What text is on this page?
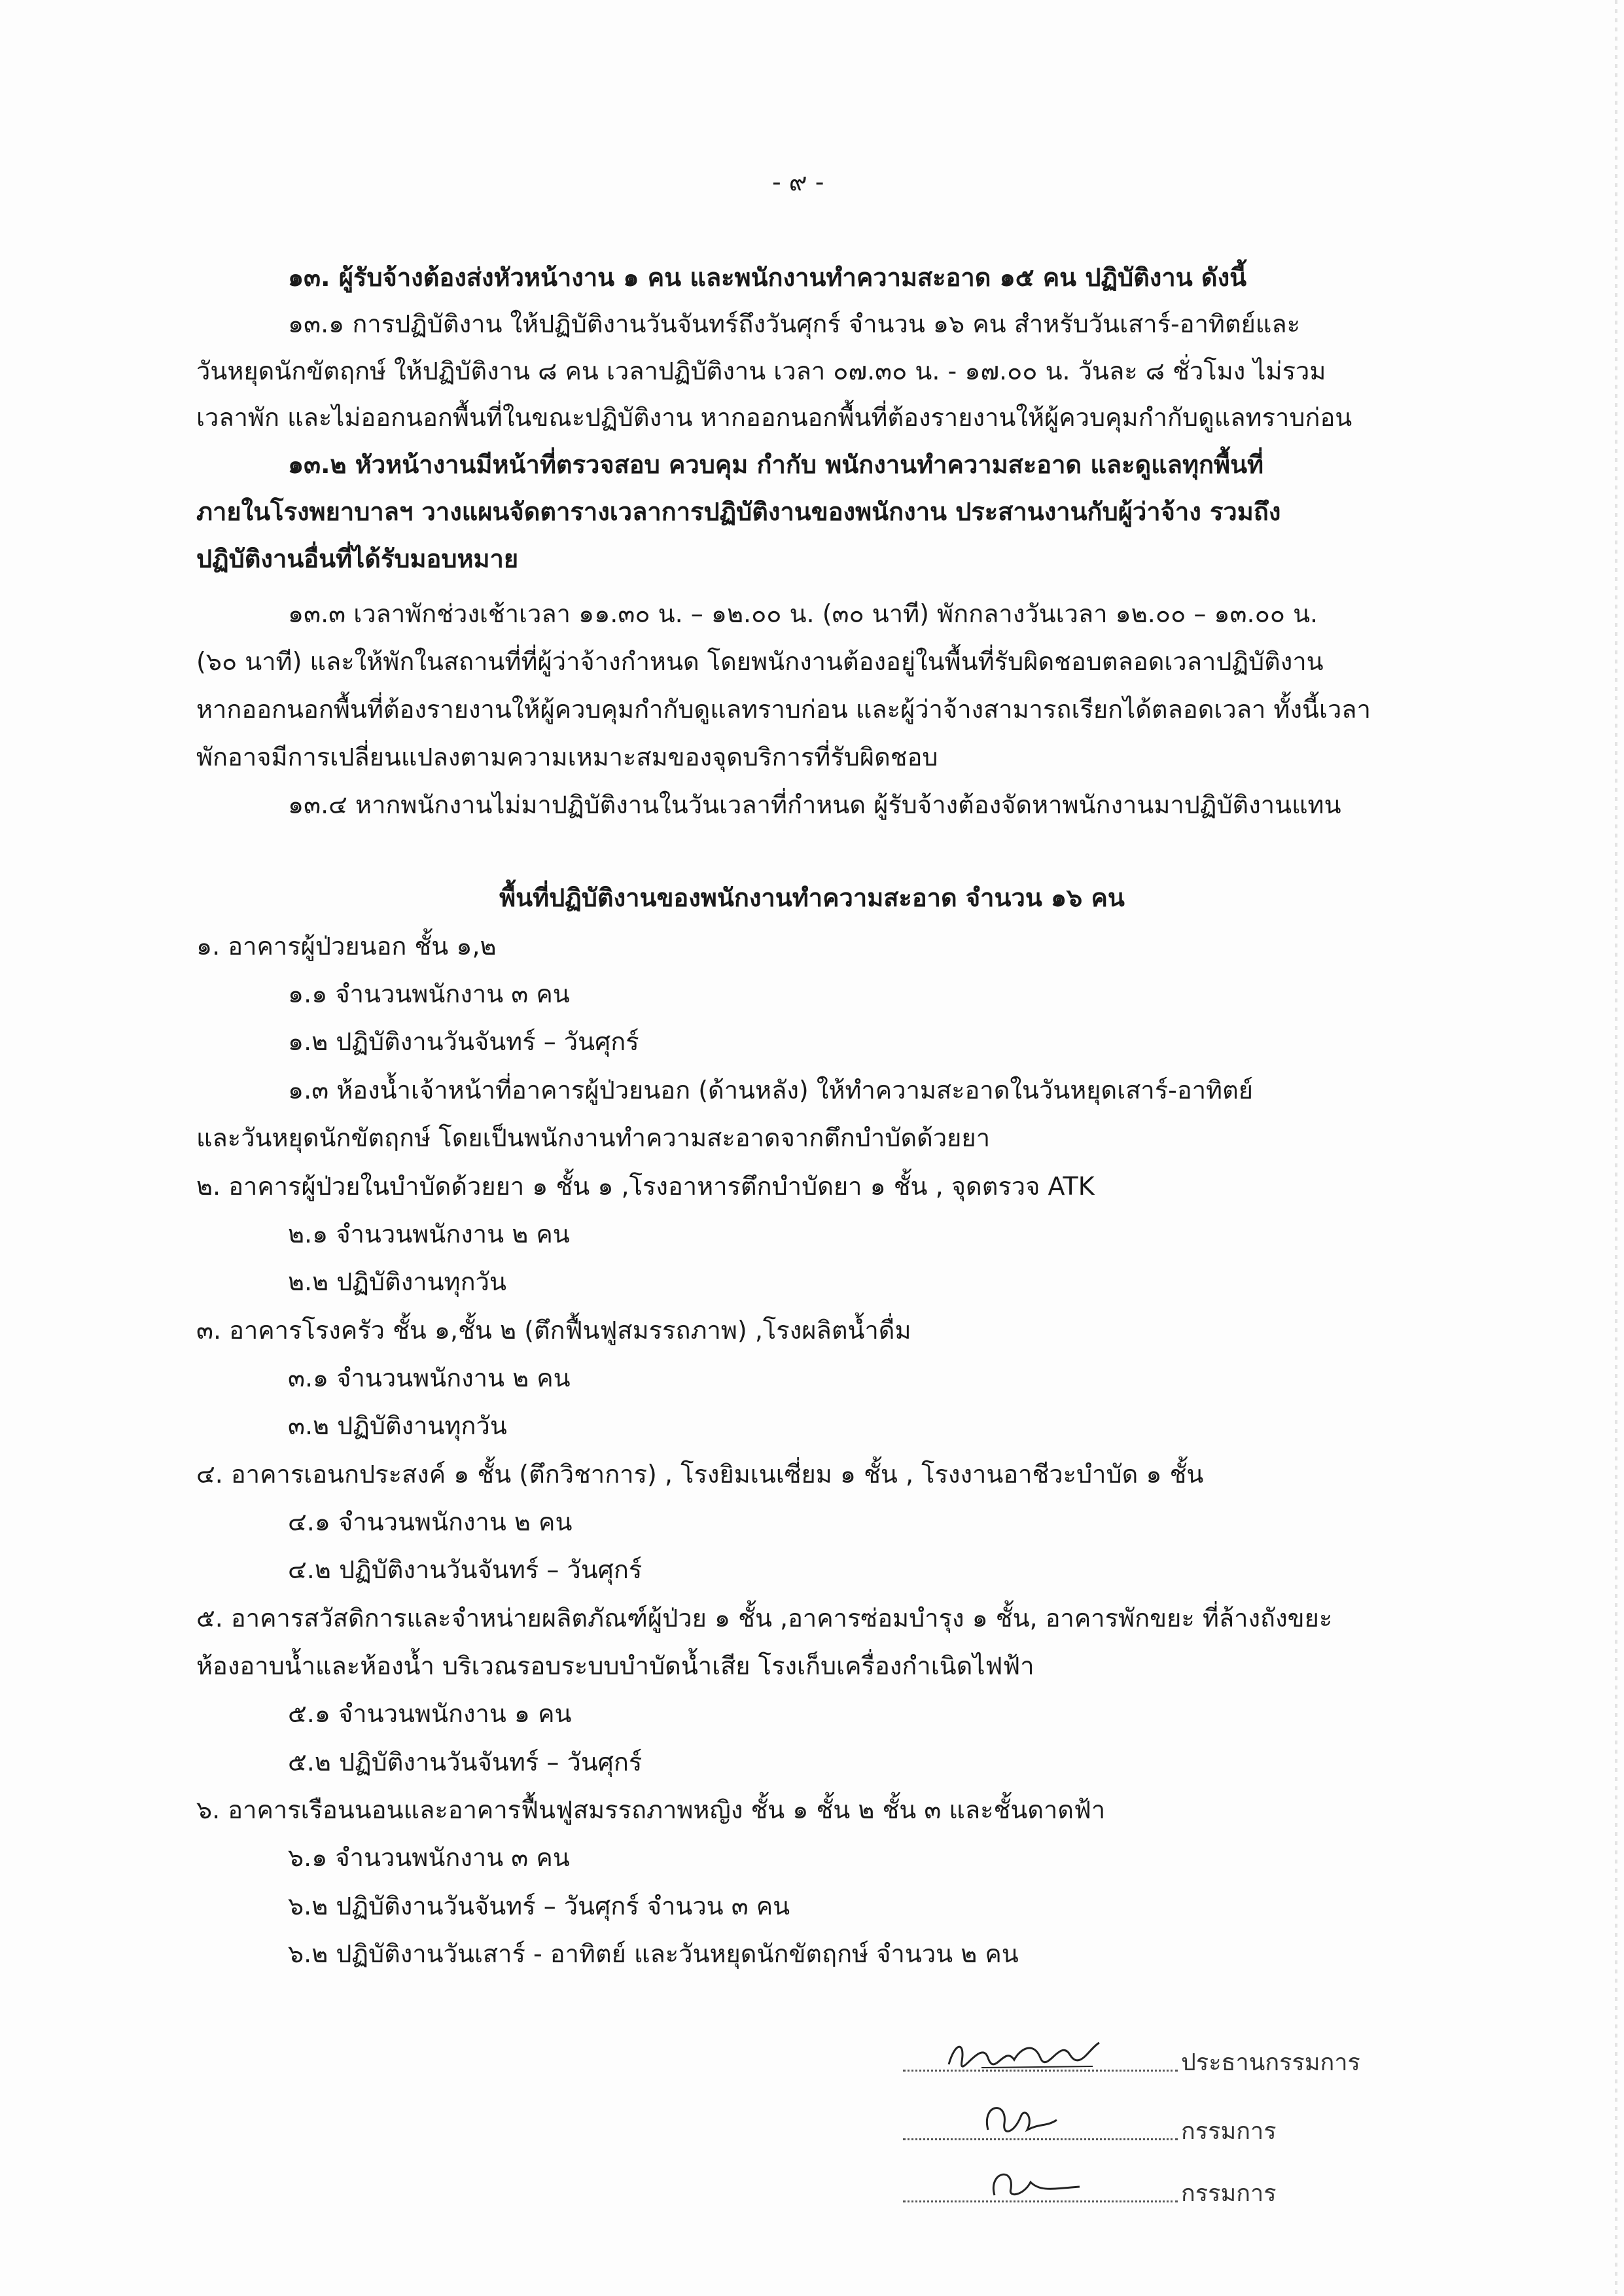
- ๙ -
๑๓. ผู้รับจ้างต้องส่งหัวหน้างาน ๑ คน และพนักงานทำความสะอาด ๑๕ คน ปฏิบัติงาน ดังนี้
๑๓.๑ การปฏิบัติงาน ให้ปฏิบัติงานวันจันทร์ถึงวันศุกร์ จำนวน ๑๖ คน สำหรับวันเสาร์-อาทิตย์และ
วันหยุดนักขัตฤกษ์ ให้ปฏิบัติงาน ๘ คน เวลาปฏิบัติงาน เวลา ๐๗.๓๐ น. - ๑๗.๐๐ น. วันละ ๘ ชั่วโมง ไม่รวม
เวลาพัก และไม่ออกนอกพื้นที่ในขณะปฏิบัติงาน หากออกนอกพื้นที่ต้องรายงานให้ผู้ควบคุมกำกับดูแลทราบก่อน
๑๓.๒ หัวหน้างานมีหน้าที่ตรวจสอบ ควบคุม กำกับ พนักงานทำความสะอาด และดูแลทุกพื้นที่
ภายในโรงพยาบาลฯ วางแผนจัดตารางเวลาการปฏิบัติงานของพนักงาน ประสานงานกับผู้ว่าจ้าง รวมถึง
ปฏิบัติงานอื่นที่ได้รับมอบหมาย
๑๓.๓ เวลาพักช่วงเช้าเวลา ๑๑.๓๐ น. – ๑๒.๐๐ น. (๓๐ นาที) พักกลางวันเวลา ๑๒.๐๐ – ๑๓.๐๐ น.
(๖๐ นาที) และให้พักในสถานที่ที่ผู้ว่าจ้างกำหนด โดยพนักงานต้องอยู่ในพื้นที่รับผิดชอบตลอดเวลาปฏิบัติงาน
หากออกนอกพื้นที่ต้องรายงานให้ผู้ควบคุมกำกับดูแลทราบก่อน และผู้ว่าจ้างสามารถเรียกได้ตลอดเวลา ทั้งนี้เวลา
พักอาจมีการเปลี่ยนแปลงตามความเหมาะสมของจุดบริการที่รับผิดชอบ
๑๓.๔ หากพนักงานไม่มาปฏิบัติงานในวันเวลาที่กำหนด ผู้รับจ้างต้องจัดหาพนักงานมาปฏิบัติงานแทน
พื้นที่ปฏิบัติงานของพนักงานทำความสะอาด จำนวน ๑๖ คน
๑. อาคารผู้ป่วยนอก ชั้น ๑,๒
๑.๑ จำนวนพนักงาน ๓ คน
๑.๒ ปฏิบัติงานวันจันทร์ – วันศุกร์
๑.๓ ห้องน้ำเจ้าหน้าที่อาคารผู้ป่วยนอก (ด้านหลัง) ให้ทำความสะอาดในวันหยุดเสาร์-อาทิตย์
และวันหยุดนักขัตฤกษ์ โดยเป็นพนักงานทำความสะอาดจากตึกบำบัดด้วยยา
๒. อาคารผู้ป่วยในบำบัดด้วยยา ๑ ชั้น ๑ ,โรงอาหารตึกบำบัดยา ๑ ชั้น , จุดตรวจ ATK
๒.๑ จำนวนพนักงาน ๒ คน
๒.๒ ปฏิบัติงานทุกวัน
๓. อาคารโรงครัว ชั้น ๑,ชั้น ๒ (ตึกฟื้นฟูสมรรถภาพ) ,โรงผลิตน้ำดื่ม
๓.๑ จำนวนพนักงาน ๒ คน
๓.๒ ปฏิบัติงานทุกวัน
๔. อาคารเอนกประสงค์ ๑ ชั้น (ตึกวิชาการ) , โรงยิมเนเซี่ยม ๑ ชั้น , โรงงานอาชีวะบำบัด ๑ ชั้น
๔.๑ จำนวนพนักงาน ๒ คน
๔.๒ ปฏิบัติงานวันจันทร์ – วันศุกร์
๕. อาคารสวัสดิการและจำหน่ายผลิตภัณฑ์ผู้ป่วย ๑ ชั้น ,อาคารซ่อมบำรุง ๑ ชั้น, อาคารพักขยะ ที่ล้างถังขยะ
ห้องอาบน้ำและห้องน้ำ บริเวณรอบระบบบำบัดน้ำเสีย โรงเก็บเครื่องกำเนิดไฟฟ้า
๕.๑ จำนวนพนักงาน ๑ คน
๕.๒ ปฏิบัติงานวันจันทร์ – วันศุกร์
๖. อาคารเรือนนอนและอาคารฟื้นฟูสมรรถภาพหญิง ชั้น ๑ ชั้น ๒ ชั้น ๓ และชั้นดาดฟ้า
๖.๑ จำนวนพนักงาน ๓ คน
๖.๒ ปฏิบัติงานวันจันทร์ – วันศุกร์ จำนวน ๓ คน
๖.๒ ปฏิบัติงานวันเสาร์ - อาทิตย์ และวันหยุดนักขัตฤกษ์ จำนวน ๒ คน
ประธานกรรมการ
กรรมการ
กรรมการ
